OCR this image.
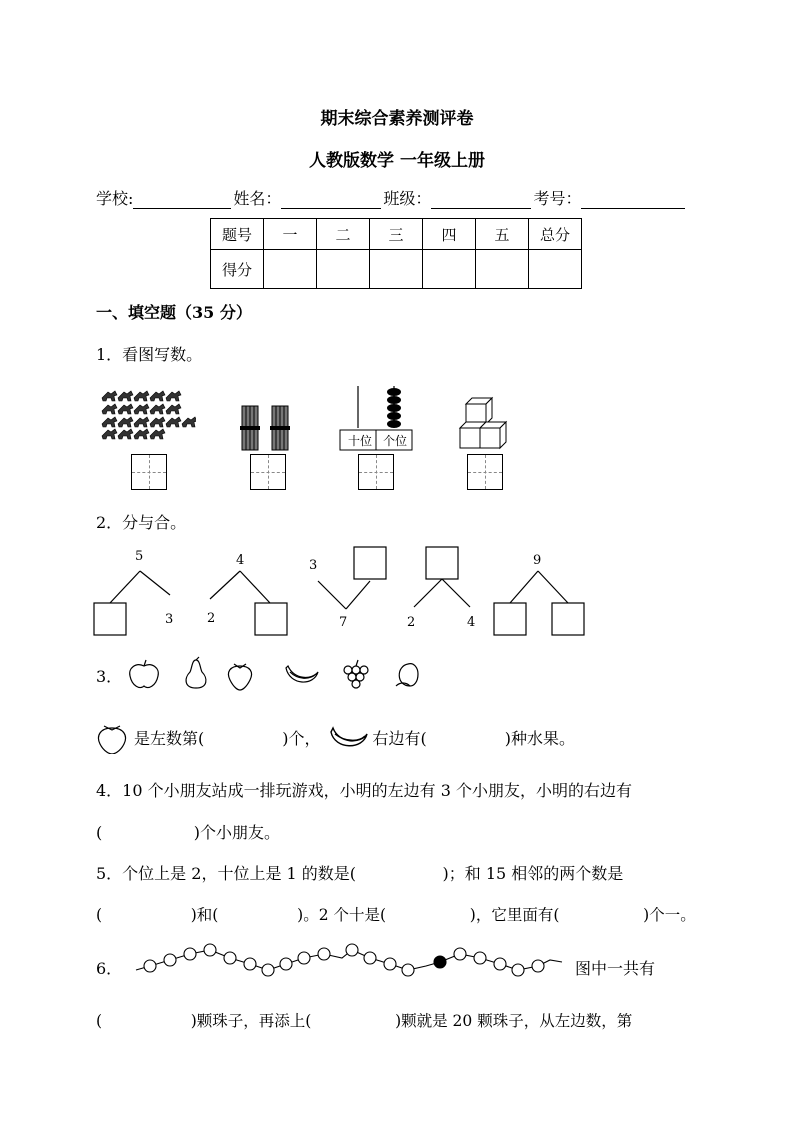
期末综合素养测评卷
人教版数学 一年级上册
学校:	姓名：	班级：	考号：
题号	一	二	三	四	五	总分
得分						
一、填空题（35 分）
1．看图写数。
十位 个位
2．分与合。
5
3
4
2
3
7	2	4
9
3．
是左数第(	)个，	右边有(	)种水果。
4．10 个小朋友站成一排玩游戏，小明的左边有 3 个小朋友，小明的右边有
(                  )个小朋友。
5．个位上是 2，十位上是 1 的数是(                 )；和 15 相邻的两个数是
(                  )和(                )。2 个十是(                 )，它里面有(                 )个一。
6．	图中一共有
(                  )颗珠子，再添上(                 )颗就是 20 颗珠子，从左边数，第
